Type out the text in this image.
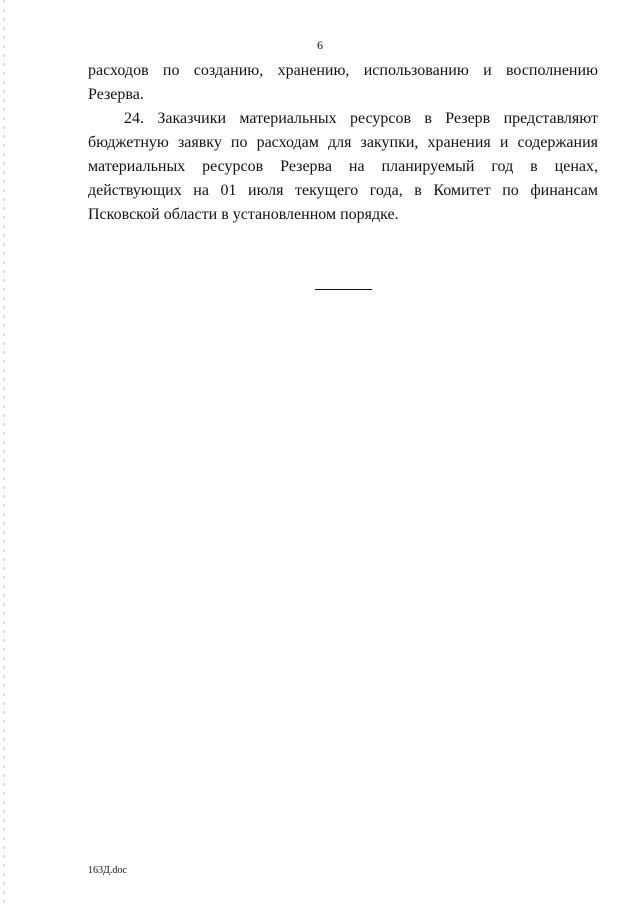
6

расходов по созданию, хранению, использованию и восполнению
Резерва.

24. Заказчики материальных ресурсов в Резерв представляют
бюджетную заявку по расходам для закупки, хранения и содержания
материальных ресурсов Резерва на планируемый год в ценах,
действующих на 01 июля текущего года, в Комитет по финансам
Псковской области в установленном порядке.

163Д.doc
